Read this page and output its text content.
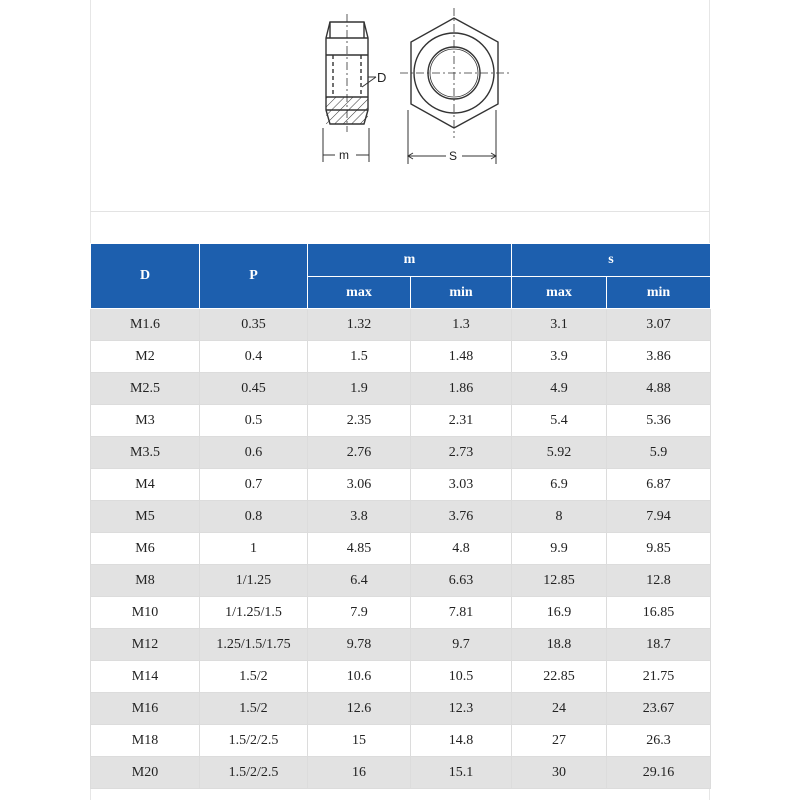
D
m	S
D	P	m		s	
		max	min	max	min
M1.6	0.35	1.32	1.3	3.1	3.07
M2	0.4	1.5	1.48	3.9	3.86
M2.5	0.45	1.9	1.86	4.9	4.88
M3	0.5	2.35	2.31	5.4	5.36
M3.5	0.6	2.76	2.73	5.92	5.9
M4	0.7	3.06	3.03	6.9	6.87
M5	0.8	3.8	3.76	8	7.94
M6	1	4.85	4.8	9.9	9.85
M8	1/1.25	6.4	6.63	12.85	12.8
M10	1/1.25/1.5	7.9	7.81	16.9	16.85
M12	1.25/1.5/1.75	9.78	9.7	18.8	18.7
M14	1.5/2	10.6	10.5	22.85	21.75
M16	1.5/2	12.6	12.3	24	23.67
M18	1.5/2/2.5	15	14.8	27	26.3
M20	1.5/2/2.5	16	15.1	30	29.16
